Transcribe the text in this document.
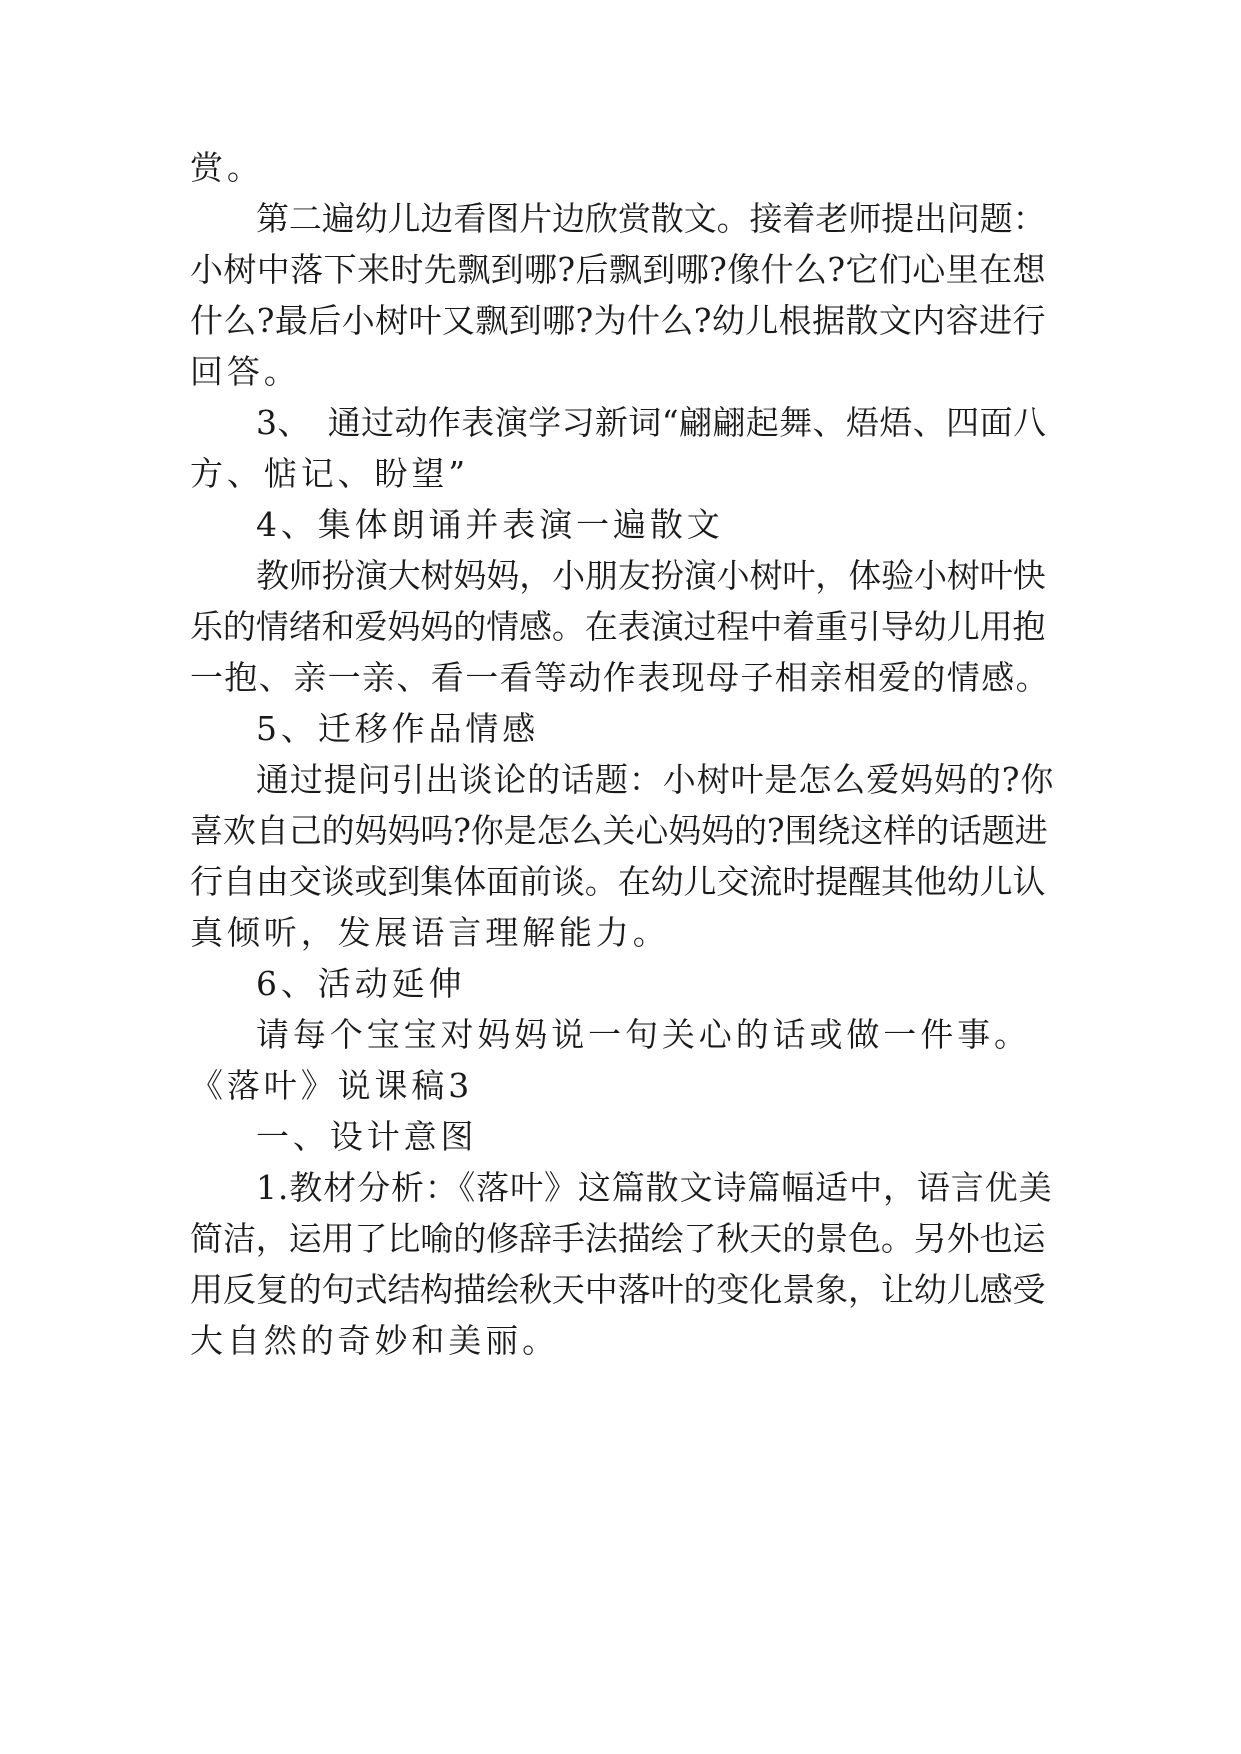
赏。
第二遍幼儿边看图片边欣赏散文。接着老师提出问题：
小树中落下来时先飘到哪?后飘到哪?像什么?它们心里在想
什么?最后小树叶又飘到哪?为什么?幼儿根据散文内容进行
回答。
3、　通过动作表演学习新词“翩翩起舞、焐焐、四面八
方、惦记、盼望”
4、集体朗诵并表演一遍散文
教师扮演大树妈妈，小朋友扮演小树叶，体验小树叶快
乐的情绪和爱妈妈的情感。在表演过程中着重引导幼儿用抱
一抱、亲一亲、看一看等动作表现母子相亲相爱的情感。
5、迁移作品情感
通过提问引出谈论的话题：小树叶是怎么爱妈妈的?你
喜欢自己的妈妈吗?你是怎么关心妈妈的?围绕这样的话题进
行自由交谈或到集体面前谈。在幼儿交流时提醒其他幼儿认
真倾听，发展语言理解能力。
6、活动延伸
请每个宝宝对妈妈说一句关心的话或做一件事。
《落叶》说课稿3
一、设计意图
1.教材分析：《落叶》这篇散文诗篇幅适中，语言优美
简洁，运用了比喻的修辞手法描绘了秋天的景色。另外也运
用反复的句式结构描绘秋天中落叶的变化景象，让幼儿感受
大自然的奇妙和美丽。
